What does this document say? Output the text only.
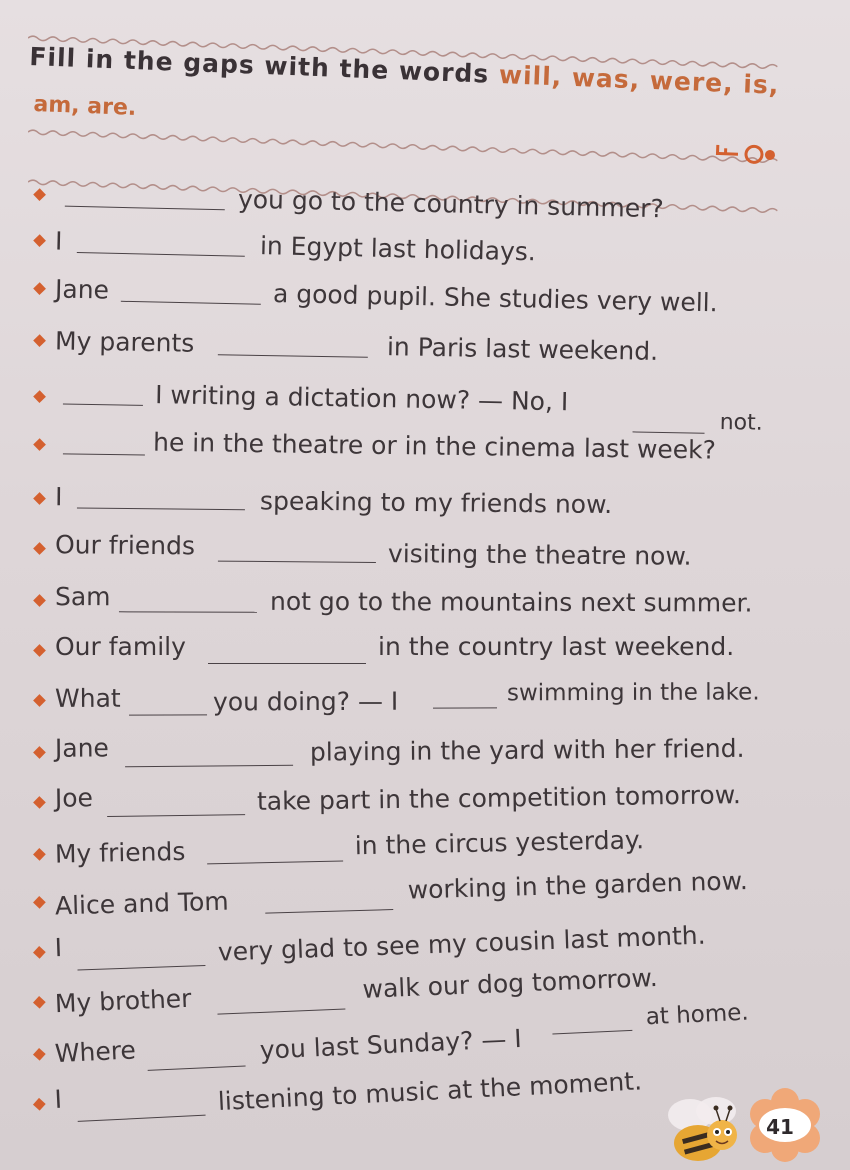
Fill in the gaps with the words will, was, were, is,
am, are.
you go to the country in summer?
I	in Egypt last holidays.
Jane	a good pupil. She studies very well.
My parents	in Paris last weekend.
I writing a dictation now? — No, I
not.
he in the theatre or in the cinema last week?
I	speaking to my friends now.
Our friends	visiting the theatre now.
Sam	not go to the mountains next summer.
Our family	in the country last weekend.
What	you doing? — I	swimming in the lake.
Jane	playing in the yard with her friend.
Joe	take part in the competition tomorrow.
My friends	in the circus yesterday.
Alice and Tom	working in the garden now.
I	very glad to see my cousin last month.
My brother	walk our dog tomorrow.
Where	you last Sunday? — I
at home.
I	listening to music at the moment.
41
